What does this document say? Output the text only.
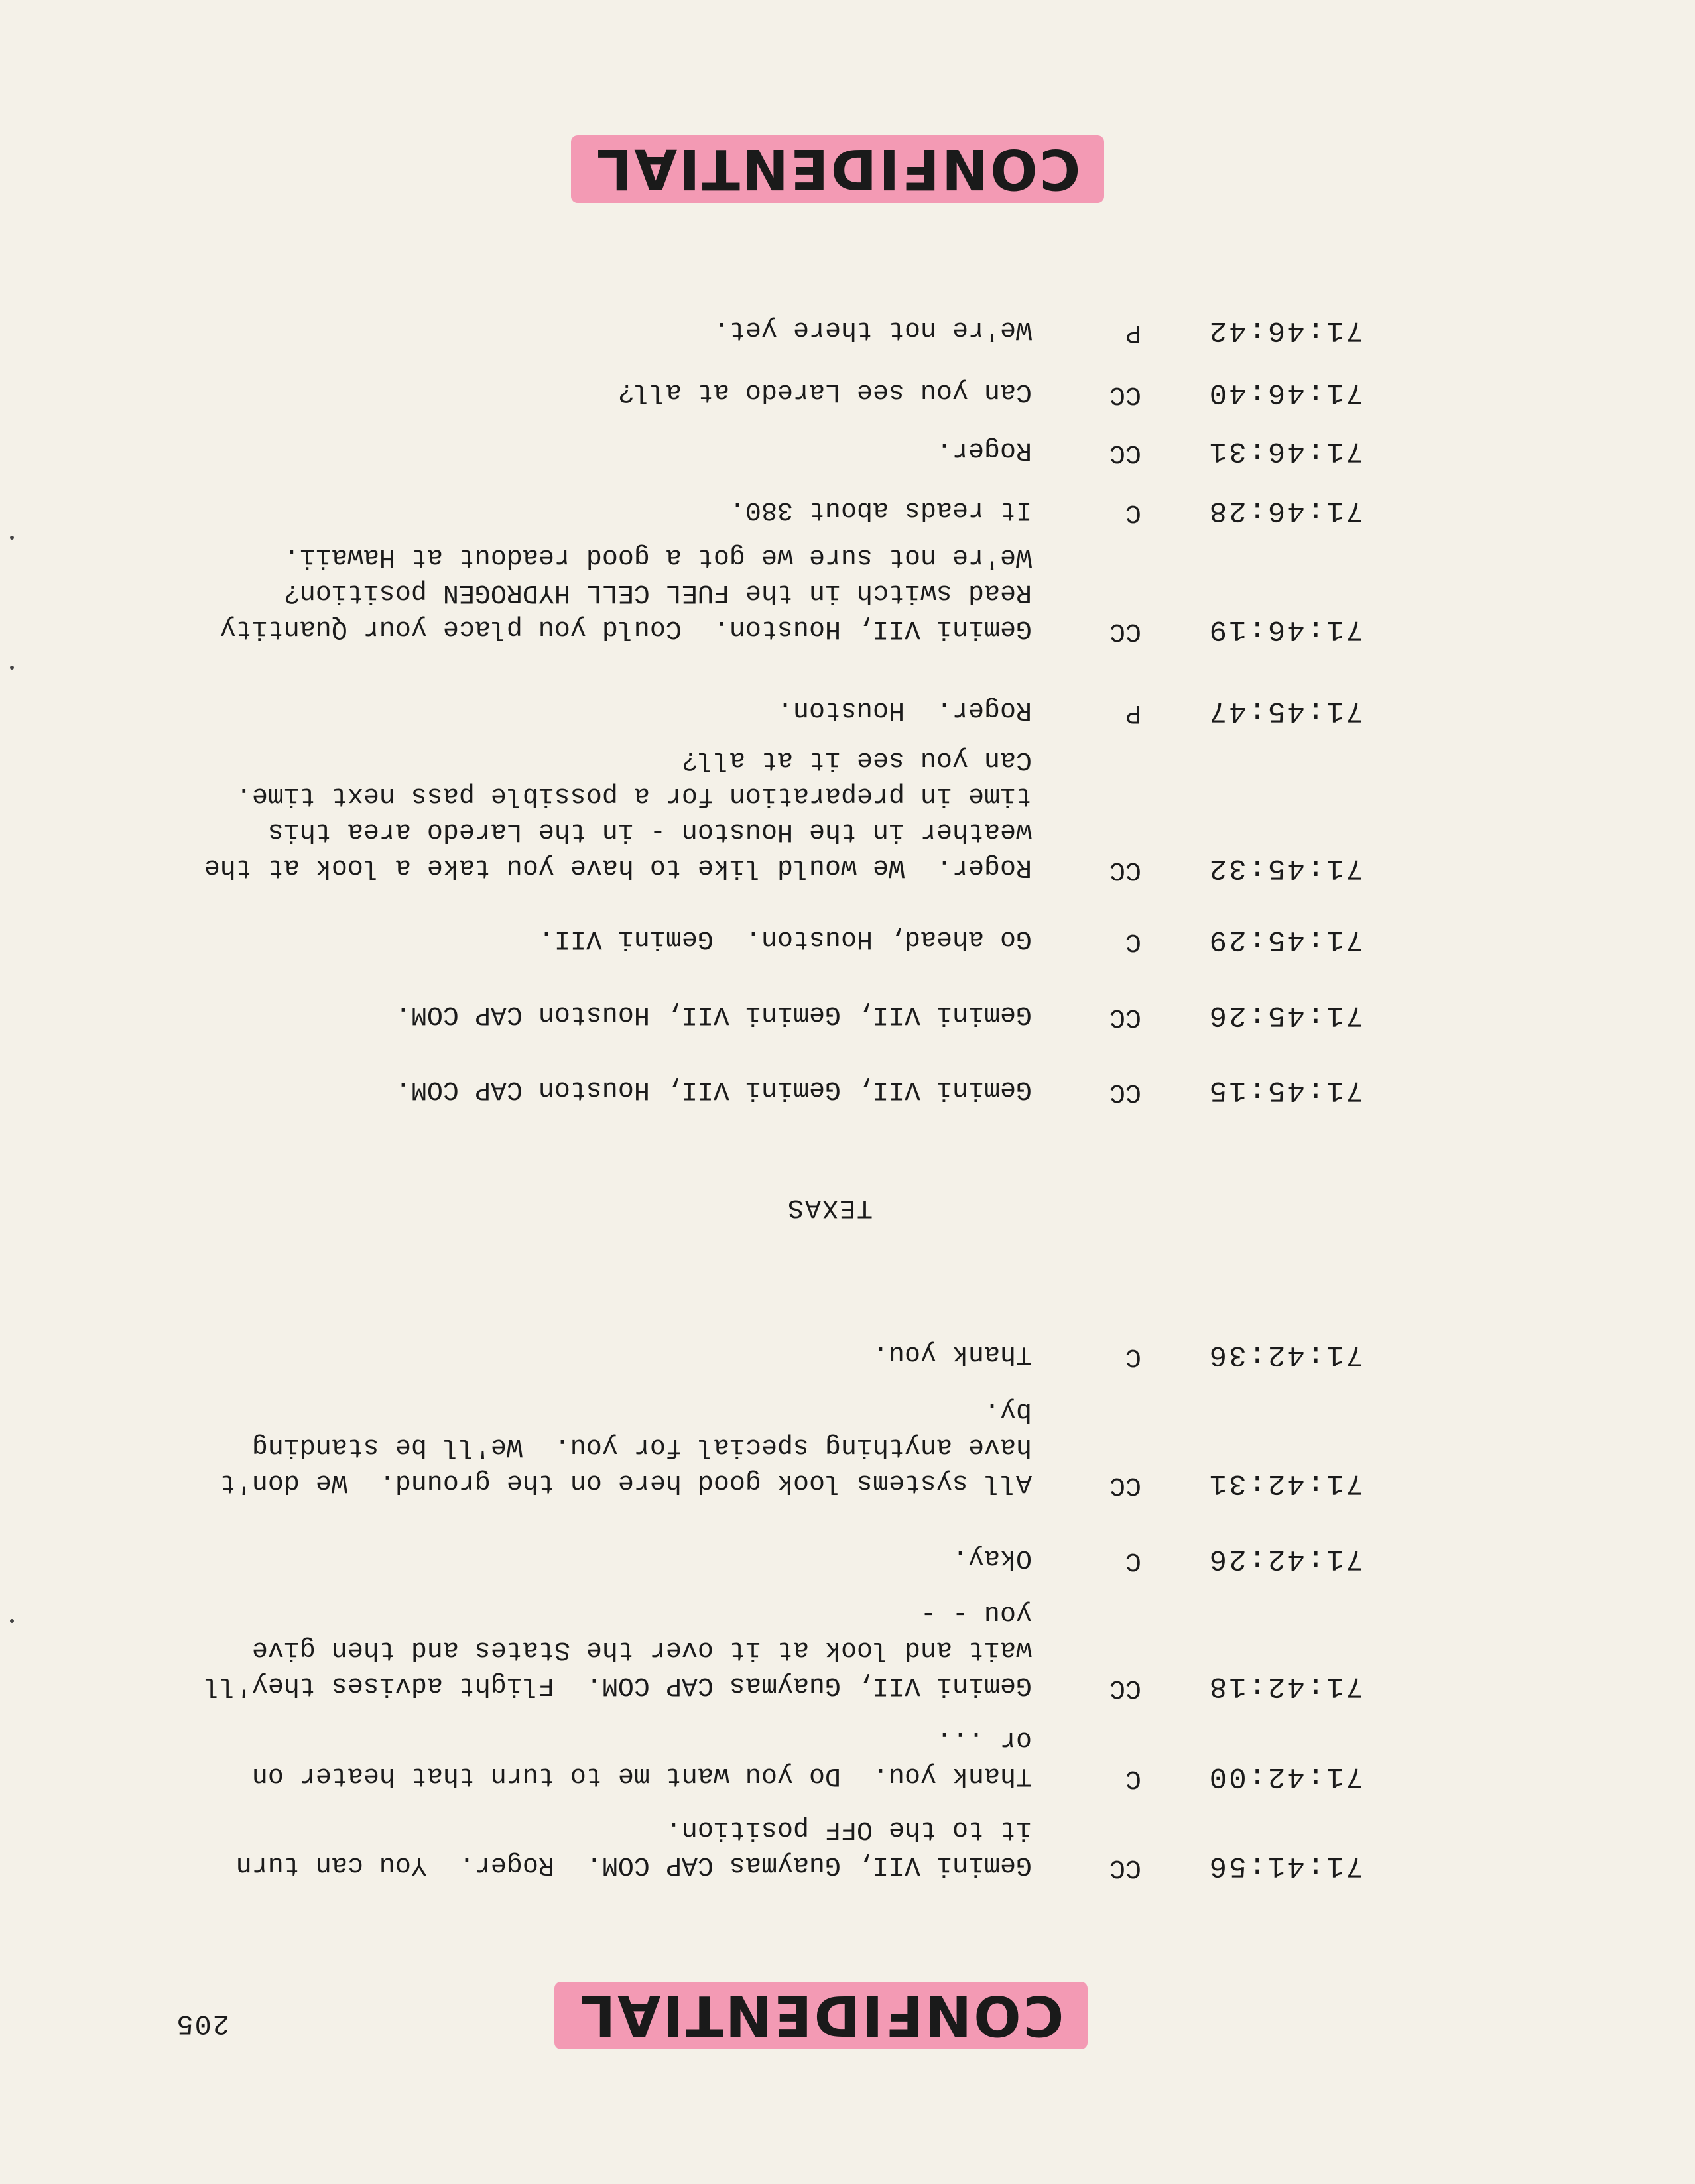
CONFIDENTIAL
205
71:41:56
CC
Gemini VII, Guaymas CAP COM.  Roger.  You can turn
it to the OFF position.
71:42:00
C
Thank you.  Do you want me to turn that heater on
or ...
71:42:18
CC
Gemini VII, Guaymas CAP COM.  Flight advises they'll
wait and look at it over the States and then give
you - -
71:42:26
C
Okay.
71:42:31
CC
All systems look good here on the ground.  We don't
have anything special for you.  We'll be standing
by.
71:42:36
C
Thank you.
TEXAS
71:45:15
CC
Gemini VII, Gemini VII, Houston CAP COM.
71:45:26
CC
Gemini VII, Gemini VII, Houston CAP COM.
71:45:29
C
Go ahead, Houston.  Gemini VII.
71:45:32
CC
Roger.  We would like to have you take a look at the
weather in the Houston - in the Laredo area this
time in preparation for a possible pass next time.
Can you see it at all?
71:45:47
P
Roger.  Houston.
71:46:19
CC
Gemini VII, Houston.  Could you place your Quantity
Read switch in the FUEL CELL HYDROGEN position?
We're not sure we got a good readout at Hawaii.
71:46:28
C
It reads about 380.
71:46:31
CC
Roger.
71:46:40
CC
Can you see Laredo at all?
71:46:42
P
We're not there yet.
CONFIDENTIAL
